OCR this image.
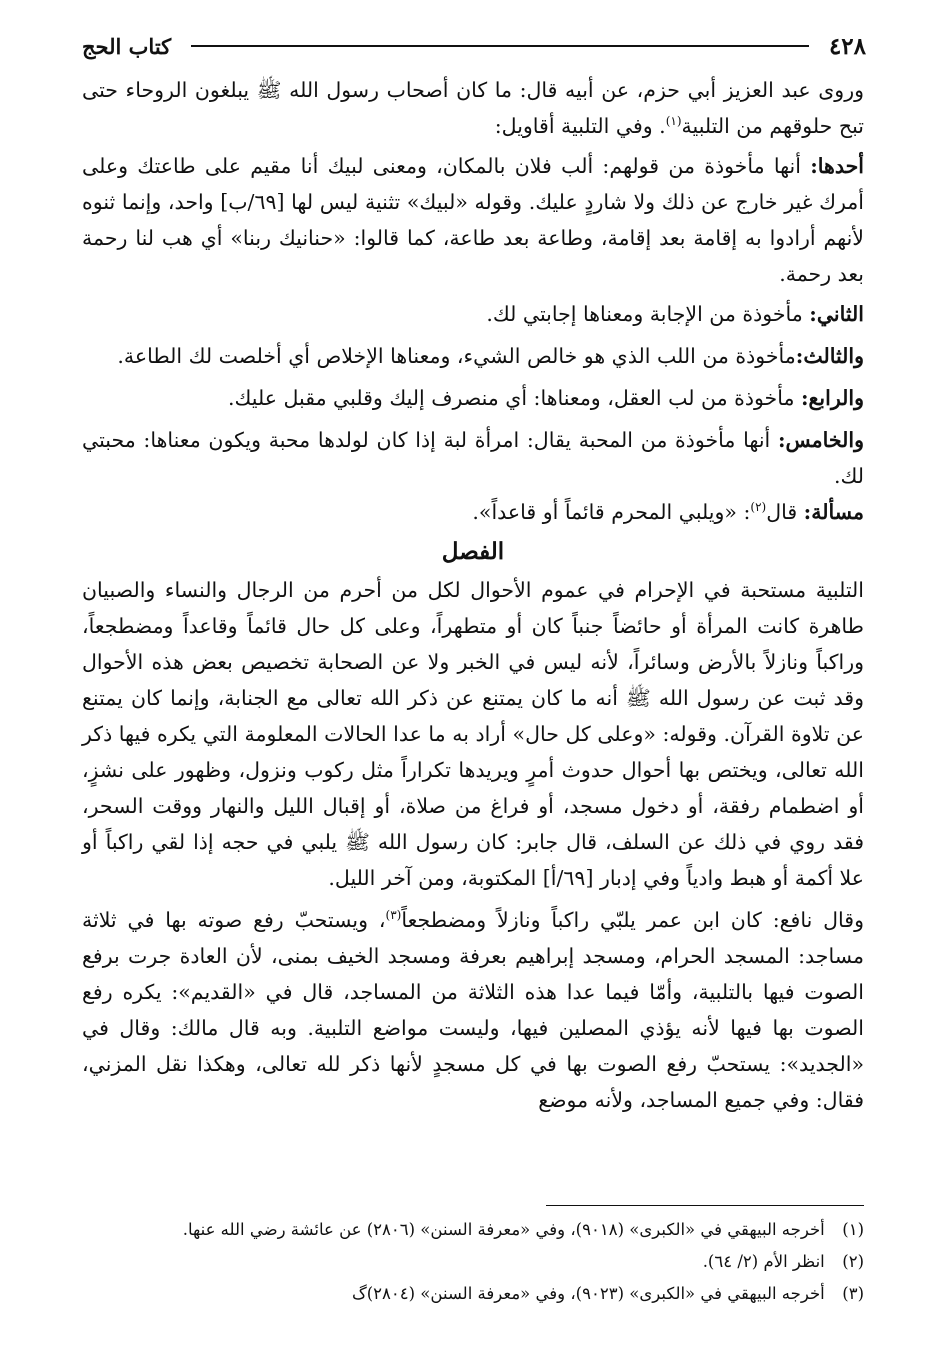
٤٢٨
كتاب الحج

وروى عبد العزيز أبي حزم، عن أبيه قال: ما كان أصحاب رسول الله ﷺ يبلغون الروحاء حتى تبح حلوقهم من التلبية$^{(١)}$. وفي التلبية أقاويل:

أحدها: أنها مأخوذة من قولهم: ألب فلان بالمكان، ومعنى لبيك أنا مقيم على طاعتك وعلى أمرك غير خارج عن ذلك ولا شاردٍ عليك. وقوله «لبيك» تثنية ليس لها [٦٩/ب] واحد، وإنما ثنوه لأنهم أرادوا به إقامة بعد إقامة، وطاعة بعد طاعة، كما قالوا: «حنانيك ربنا» أي هب لنا رحمة بعد رحمة.

الثاني: مأخوذة من الإجابة ومعناها إجابتي لك.

والثالث:مأخوذة من اللب الذي هو خالص الشيء، ومعناها الإخلاص أي أخلصت لك الطاعة.

والرابع: مأخوذة من لب العقل، ومعناها: أي منصرف إليك وقلبي مقبل عليك.

والخامس: أنها مأخوذة من المحبة يقال: امرأة لبة إذا كان لولدها محبة ويكون معناها: محبتي لك.

مسألة: قال$^{(٢)}$: «ويلبي المحرم قائماً أو قاعداً».

الفصل

التلبية مستحبة في الإحرام في عموم الأحوال لكل من أحرم من الرجال والنساء والصبيان طاهرة كانت المرأة أو حائضاً جنباً كان أو متطهراً، وعلى كل حال قائماً وقاعداً ومضطجعاً، وراكباً ونازلاً بالأرض وسائراً، لأنه ليس في الخبر ولا عن الصحابة تخصيص بعض هذه الأحوال وقد ثبت عن رسول الله ﷺ أنه ما كان يمتنع عن ذكر الله تعالى مع الجنابة، وإنما كان يمتنع عن تلاوة القرآن. وقوله: «وعلى كل حال» أراد به ما عدا الحالات المعلومة التي يكره فيها ذكر الله تعالى، ويختص بها أحوال حدوث أمرٍ ويريدها تكراراً مثل ركوب ونزول، وظهور على نشزٍ، أو اضطمام رفقة، أو دخول مسجد، أو فراغ من صلاة، أو إقبال الليل والنهار ووقت السحر، فقد روي في ذلك عن السلف، قال جابر: كان رسول الله ﷺ يلبي في حجه إذا لقي راكباً أو علا أكمة أو هبط وادياً وفي إدبار [٦٩/أ] المكتوبة، ومن آخر الليل.

وقال نافع: كان ابن عمر يلبّي راكباً ونازلاً ومضطجعاً$^{(٣)}$، ويستحبّ رفع صوته بها في ثلاثة مساجد: المسجد الحرام، ومسجد إبراهيم بعرفة ومسجد الخيف بمنى، لأن العادة جرت برفع الصوت فيها بالتلبية، وأمّا فيما عدا هذه الثلاثة من المساجد، قال في «القديم»: يكره رفع الصوت بها فيها لأنه يؤذي المصلين فيها، وليست مواضع التلبية. وبه قال مالك: وقال في «الجديد»: يستحبّ رفع الصوت بها في كل مسجدٍ لأنها ذكر لله تعالى، وهكذا نقل المزني، فقال: وفي جميع المساجد، ولأنه موضع

(١) أخرجه البيهقي في «الكبرى» (٩٠١٨)، وفي «معرفة السنن» (٢٨٠٦) عن عائشة رضي الله عنها.
(٢) انظر الأم (٢/ ٦٤).
(٣) أخرجه البيهقي في «الكبرى» (٩٠٢٣)، وفي «معرفة السنن» (٢٨٠٤)گ
